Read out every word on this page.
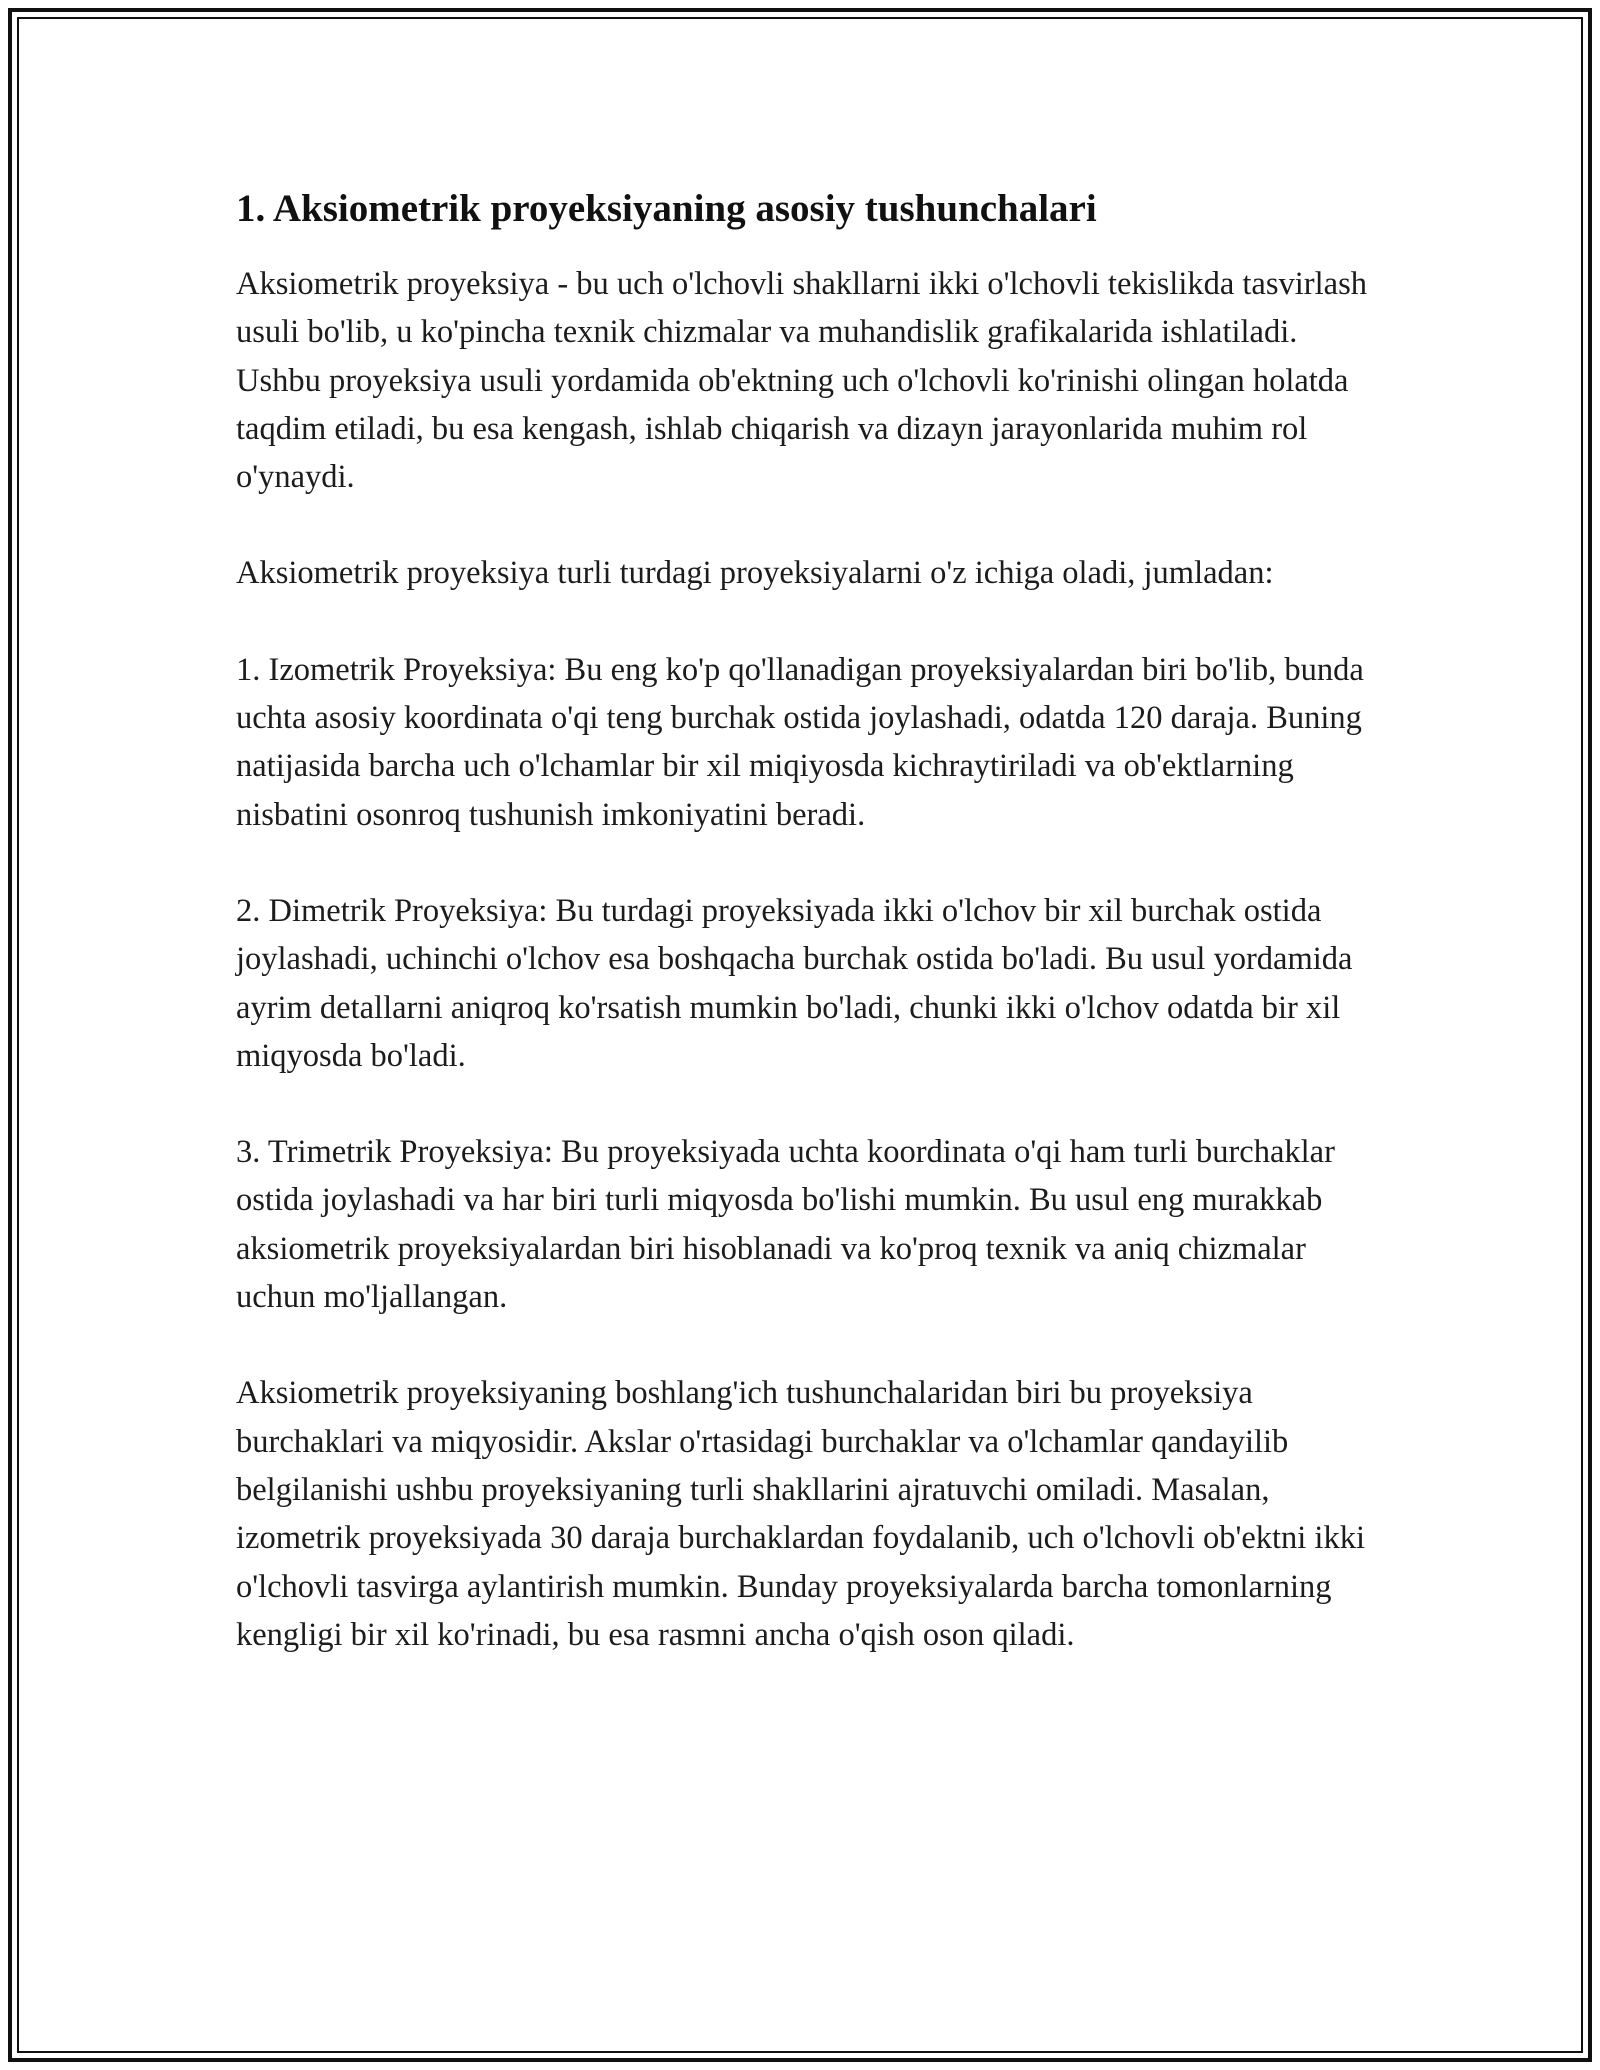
1. Aksiometrik proyeksiyaning asosiy tushunchalari

Aksiometrik proyeksiya - bu uch o'lchovli shakllarni ikki o'lchovli tekislikda tasvirlash usuli bo'lib, u ko'pincha texnik chizmalar va muhandislik grafikalarida ishlatiladi. Ushbu proyeksiya usuli yordamida ob'ektning uch o'lchovli ko'rinishi olingan holatda taqdim etiladi, bu esa kengash, ishlab chiqarish va dizayn jarayonlarida muhim rol o'ynaydi.

Aksiometrik proyeksiya turli turdagi proyeksiyalarni o'z ichiga oladi, jumladan:

1. Izometrik Proyeksiya: Bu eng ko'p qo'llanadigan proyeksiyalardan biri bo'lib, bunda uchta asosiy koordinata o'qi teng burchak ostida joylashadi, odatda 120 daraja. Buning natijasida barcha uch o'lchamlar bir xil miqiyosda kichraytiriladi va ob'ektlarning nisbatini osonroq tushunish imkoniyatini beradi.

2. Dimetrik Proyeksiya: Bu turdagi proyeksiyada ikki o'lchov bir xil burchak ostida joylashadi, uchinchi o'lchov esa boshqacha burchak ostida bo'ladi. Bu usul yordamida ayrim detallarni aniqroq ko'rsatish mumkin bo'ladi, chunki ikki o'lchov odatda bir xil miqyosda bo'ladi.

3. Trimetrik Proyeksiya: Bu proyeksiyada uchta koordinata o'qi ham turli burchaklar ostida joylashadi va har biri turli miqyosda bo'lishi mumkin. Bu usul eng murakkab aksiometrik proyeksiyalardan biri hisoblanadi va ko'proq texnik va aniq chizmalar uchun mo'ljallangan.

Aksiometrik proyeksiyaning boshlang'ich tushunchalaridan biri bu proyeksiya burchaklari va miqyosidir. Akslar o'rtasidagi burchaklar va o'lchamlar qandayilib belgilanishi ushbu proyeksiyaning turli shakllarini ajratuvchi omiladi. Masalan, izometrik proyeksiyada 30 daraja burchaklardan foydalanib, uch o'lchovli ob'ektni ikki o'lchovli tasvirga aylantirish mumkin. Bunday proyeksiyalarda barcha tomonlarning kengligi bir xil ko'rinadi, bu esa rasmni ancha o'qish oson qiladi.
